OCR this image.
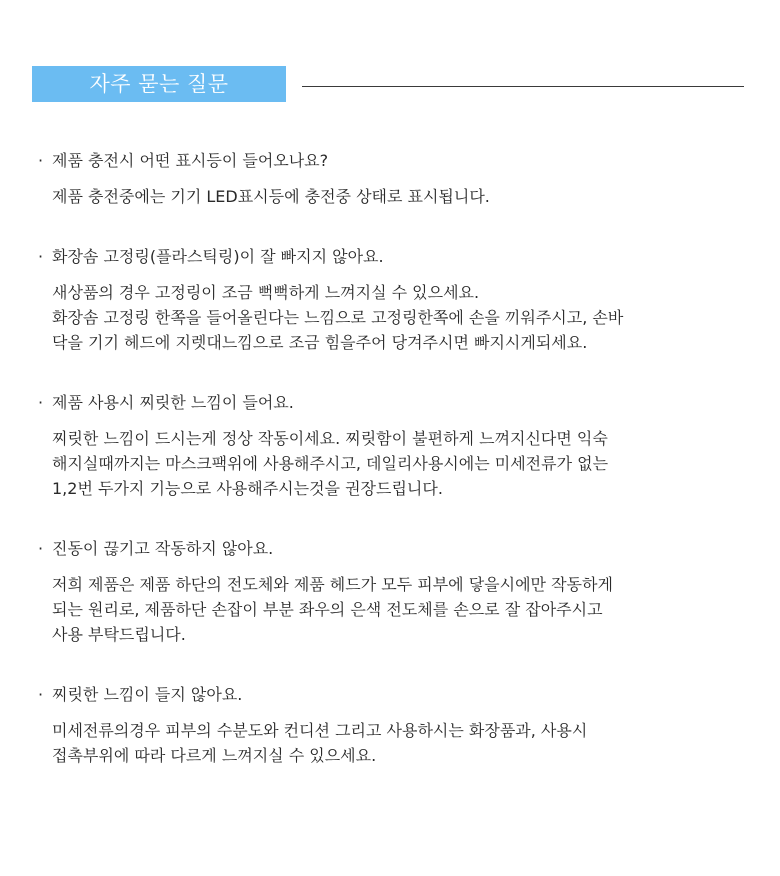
자주 묻는 질문
· 제품 충전시 어떤 표시등이 들어오나요?
제품 충전중에는 기기 LED표시등에 충전중 상태로 표시됩니다.
· 화장솜 고정링(플라스틱링)이 잘 빠지지 않아요.
새상품의 경우 고정링이 조금 뻑뻑하게 느껴지실 수 있으세요.
화장솜 고정링 한쪽을 들어올린다는 느낌으로 고정링한쪽에 손을 끼워주시고, 손바
닥을 기기 헤드에 지렛대느낌으로 조금 힘을주어 당겨주시면 빠지시게되세요.
· 제품 사용시 찌릿한 느낌이 들어요.
찌릿한 느낌이 드시는게 정상 작동이세요. 찌릿함이 불편하게 느껴지신다면 익숙
해지실때까지는 마스크팩위에 사용해주시고, 데일리사용시에는 미세전류가 없는
1,2번 두가지 기능으로 사용해주시는것을 권장드립니다.
· 진동이 끊기고 작동하지 않아요.
저희 제품은 제품 하단의 전도체와 제품 헤드가 모두 피부에 닿을시에만 작동하게
되는 원리로, 제품하단 손잡이 부분 좌우의 은색 전도체를 손으로 잘 잡아주시고
사용 부탁드립니다.
· 찌릿한 느낌이 들지 않아요.
미세전류의경우 피부의 수분도와 컨디션 그리고 사용하시는 화장품과, 사용시
접촉부위에 따라 다르게 느껴지실 수 있으세요.
